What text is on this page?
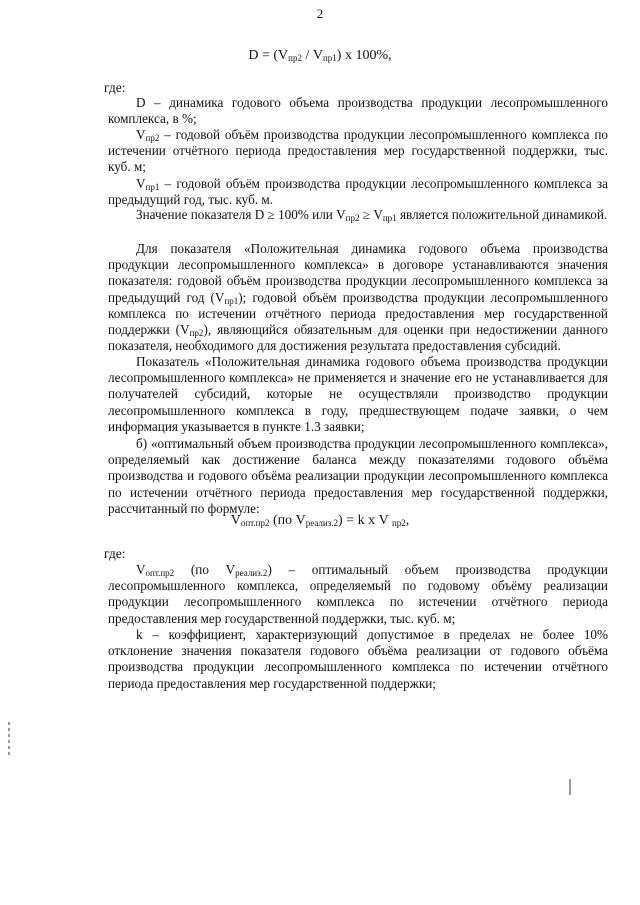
2
$D = (V_{пр2} / V_{пр1})$ х 100%,
где:
D – динамика годового объема производства продукции лесопромышленного комплекса, в %;
$V_{пр2}$ – годовой объём производства продукции лесопромышленного комплекса по истечении отчётного периода предоставления мер государственной поддержки, тыс. куб. м;
$V_{пр1}$ – годовой объём производства продукции лесопромышленного комплекса за предыдущий год, тыс. куб. м.
Значение показателя D ≥ 100% или $V_{пр2} \ge V_{пр1}$ является положительной динамикой.
Для показателя «Положительная динамика годового объема производства продукции лесопромышленного комплекса» в договоре устанавливаются значения показателя: годовой объём производства продукции лесопромышленного комплекса за предыдущий год $(V_{пр1})$; годовой объём производства продукции лесопромышленного комплекса по истечении отчётного периода предоставления мер государственной поддержки $(V_{пр2})$, являющийся обязательным для оценки при недостижении данного показателя, необходимого для достижения результата предоставления субсидий.
Показатель «Положительная динамика годового объема производства продукции лесопромышленного комплекса» не применяется и значение его не устанавливается для получателей субсидий, которые не осуществляли производство продукции лесопромышленного комплекса в году, предшествующем подаче заявки, о чем информация указывается в пункте 1.3 заявки;
б) «оптимальный объем производства продукции лесопромышленного комплекса», определяемый как достижение баланса между показателями годового объёма производства и годового объёма реализации продукции лесопромышленного комплекса по истечении отчётного периода предоставления мер государственной поддержки, рассчитанный по формуле:
$V_{опт.пр2}$ (по $V_{реализ.2}) = k$ х V $_{пр2}$,
где:
$V_{опт.пр2}$ (по $V_{реализ.2}$) – оптимальный объем производства продукции лесопромышленного комплекса, определяемый по годовому объёму реализации продукции лесопромышленного комплекса по истечении отчётного периода предоставления мер государственной поддержки, тыс. куб. м;
k – коэффициент, характеризующий допустимое в пределах не более 10% отклонение значения показателя годового объёма реализации от годового объёма производства продукции лесопромышленного комплекса по истечении отчётного периода предоставления мер государственной поддержки;
